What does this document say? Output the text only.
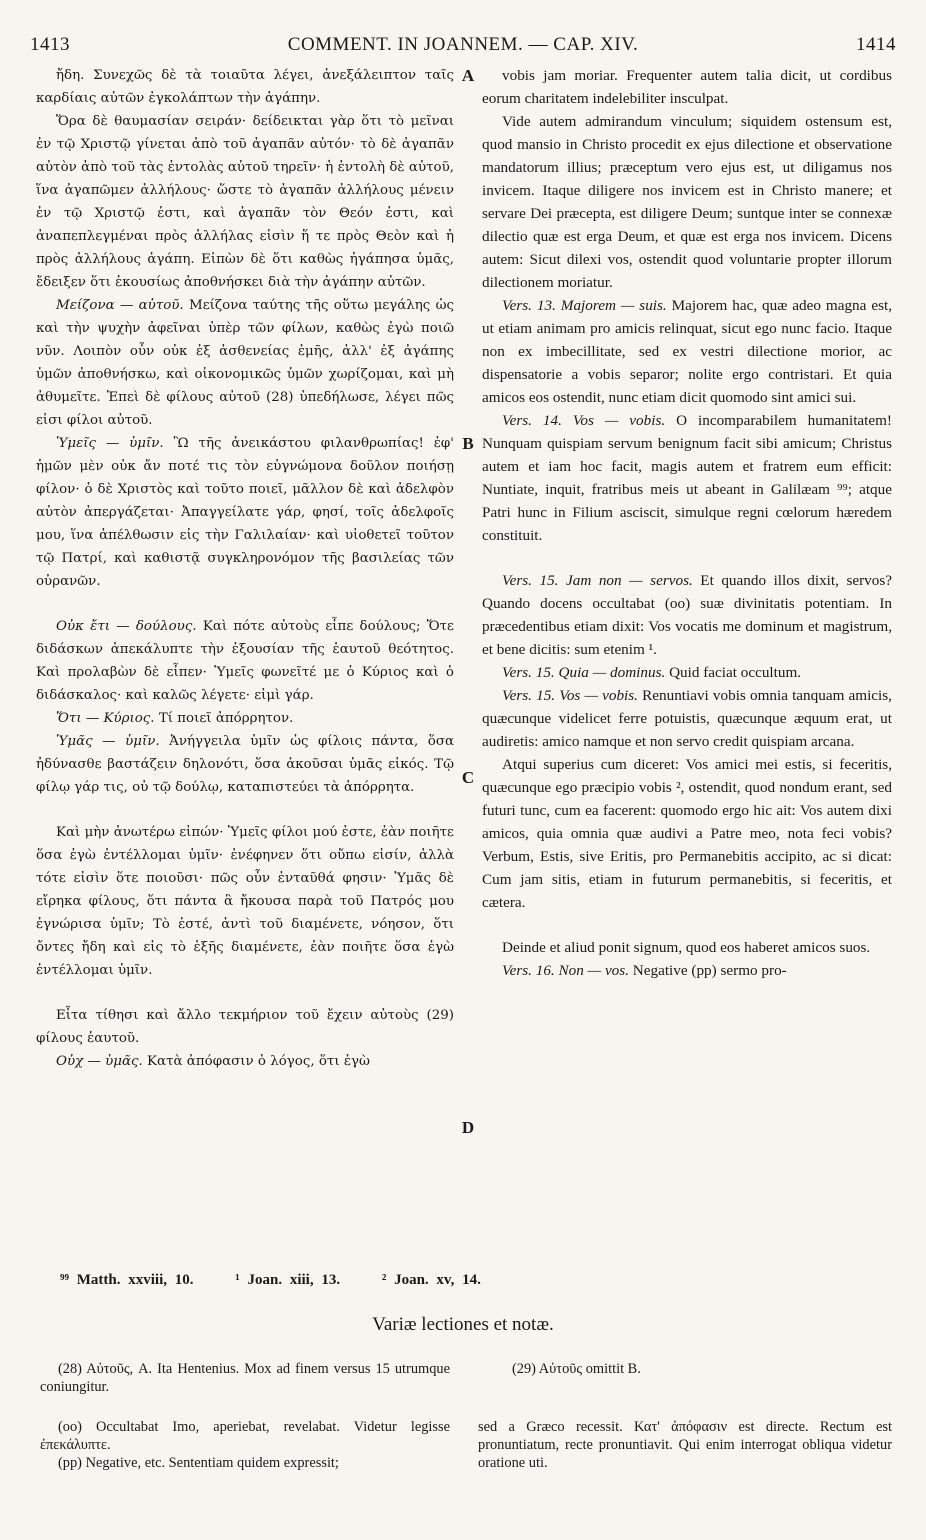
1413	COMMENT. IN JOANNEM. — CAP. XIV.	1414

ἤδη. Συνεχῶς δὲ τὰ τοιαῦτα λέγει, ἀνεξάλειπτον ταῖς καρδίαις αὐτῶν ἐγκολάπτων τὴν ἀγάπην.

Ὅρα δὲ θαυμασίαν σειράν· δείδεικται γὰρ ὅτι τὸ μεῖναι ἐν τῷ Χριστῷ γίνεται ἀπὸ τοῦ ἀγαπᾶν αὐτόν· τὸ δὲ ἀγαπᾶν αὐτὸν ἀπὸ τοῦ τὰς ἐντολὰς αὐτοῦ τηρεῖν· ἡ ἐντολὴ δὲ αὐτοῦ, ἵνα ἀγαπῶμεν ἀλλήλους· ὥστε τὸ ἀγαπᾶν ἀλλήλους μένειν ἐν τῷ Χριστῷ ἐστι, καὶ ἀγαπᾶν τὸν Θεόν ἐστι, καὶ ἀναπεπλεγμέναι πρὸς ἀλλήλας εἰσὶν ἥ τε πρὸς Θεὸν καὶ ἡ πρὸς ἀλλήλους ἀγάπη. Εἰπὼν δὲ ὅτι καθὼς ἠγάπησα ὑμᾶς, ἔδειξεν ὅτι ἑκουσίως ἀποθνήσκει διὰ τὴν ἀγάπην αὐτῶν.

Μείζονα — αὐτοῦ. Μείζονα ταύτης τῆς οὕτω μεγάλης ὡς καὶ τὴν ψυχὴν ἀφεῖναι ὑπὲρ τῶν φίλων, καθὼς ἐγὼ ποιῶ νῦν. Λοιπὸν οὖν οὐκ ἐξ ἀσθενείας ἐμῆς, ἀλλ' ἐξ ἀγάπης ὑμῶν ἀποθνήσκω, καὶ οἰκονομικῶς ὑμῶν χωρίζομαι, καὶ μὴ ἀθυμεῖτε. Ἐπεὶ δὲ φίλους αὐτοῦ (28) ὑπεδήλωσε, λέγει πῶς εἰσι φίλοι αὐτοῦ.

Ὑμεῖς — ὑμῖν. Ὢ τῆς ἀνεικάστου φιλανθρωπίας! ἐφ' ἡμῶν μὲν οὐκ ἄν ποτέ τις τὸν εὐγνώμονα δοῦλον ποιήσῃ φίλον· ὁ δὲ Χριστὸς καὶ τοῦτο ποιεῖ, μᾶλλον δὲ καὶ ἀδελφὸν αὐτὸν ἀπεργάζεται· Ἀπαγγείλατε γάρ, φησί, τοῖς ἀδελφοῖς μου, ἵνα ἀπέλθωσιν εἰς τὴν Γαλιλαίαν· καὶ υἱοθετεῖ τοῦτον τῷ Πατρί, καὶ καθιστᾷ συγκληρονόμον τῆς βασιλείας τῶν οὐρανῶν.

Οὐκ ἔτι — δούλους. Καὶ πότε αὐτοὺς εἶπε δούλους; Ὅτε διδάσκων ἀπεκάλυπτε τὴν ἐξουσίαν τῆς ἑαυτοῦ θεότητος. Καὶ προλαβὼν δὲ εἶπεν· Ὑμεῖς φωνεῖτέ με ὁ Κύριος καὶ ὁ διδάσκαλος· καὶ καλῶς λέγετε· εἰμὶ γάρ.

Ὅτι — Κύριος. Τί ποιεῖ ἀπόρρητον.

Ὑμᾶς — ὑμῖν. Ἀνήγγειλα ὑμῖν ὡς φίλοις πάντα, ὅσα ἠδύνασθε βαστάζειν δηλονότι, ὅσα ἀκοῦσαι ὑμᾶς εἰκός. Τῷ φίλῳ γάρ τις, οὐ τῷ δούλῳ, καταπιστεύει τὰ ἀπόρρητα.

Καὶ μὴν ἀνωτέρω εἰπών· Ὑμεῖς φίλοι μού ἐστε, ἐὰν ποιῆτε ὅσα ἐγὼ ἐντέλλομαι ὑμῖν· ἐνέφηνεν ὅτι οὔπω εἰσίν, ἀλλὰ τότε εἰσὶν ὅτε ποιοῦσι· πῶς οὖν ἐνταῦθά φησιν· Ὑμᾶς δὲ εἴρηκα φίλους, ὅτι πάντα ἃ ἤκουσα παρὰ τοῦ Πατρός μου ἐγνώρισα ὑμῖν; Τὸ ἐστέ, ἀντὶ τοῦ διαμένετε, νόησον, ὅτι ὄντες ἤδη καὶ εἰς τὸ ἑξῆς διαμένετε, ἐὰν ποιῆτε ὅσα ἐγὼ ἐντέλλομαι ὑμῖν.

Εἶτα τίθησι καὶ ἄλλο τεκμήριον τοῦ ἔχειν αὐτοὺς (29) φίλους ἑαυτοῦ.

Οὐχ — ὑμᾶς. Κατὰ ἀπόφασιν ὁ λόγος, ὅτι ἐγὼ

vobis jam moriar. Frequenter autem talia dicit, ut cordibus eorum charitatem indelebiliter insculpat.

Vide autem admirandum vinculum; siquidem ostensum est, quod mansio in Christo procedit ex ejus dilectione et observatione mandatorum illius; præceptum vero ejus est, ut diligamus nos invicem. Itaque diligere nos invicem est in Christo manere; et servare Dei præcepta, est diligere Deum; suntque inter se connexæ dilectio quæ est erga Deum, et quæ est erga nos invicem. Dicens autem: Sicut dilexi vos, ostendit quod voluntarie propter illorum dilectionem moriatur.

Vers. 13. Majorem — suis. Majorem hac, quæ adeo magna est, ut etiam animam pro amicis relinquat, sicut ego nunc facio. Itaque non ex imbecillitate, sed ex vestri dilectione morior, ac dispensatorie a vobis separor; nolite ergo contristari. Et quia amicos eos ostendit, nunc etiam dicit quomodo sint amici sui.

Vers. 14. Vos — vobis. O incomparabilem humanitatem! Nunquam quispiam servum benignum facit sibi amicum; Christus autem et iam hoc facit, magis autem et fratrem eum efficit: Nuntiate, inquit, fratribus meis ut abeant in Galilæam ⁹⁹; atque Patri hunc in Filium asciscit, simulque regni cœlorum hæredem constituit.

Vers. 15. Jam non — servos. Et quando illos dixit, servos? Quando docens occultabat (oo) suæ divinitatis potentiam. In præcedentibus etiam dixit: Vos vocatis me dominum et magistrum, et bene dicitis: sum etenim ¹.

Vers. 15. Quia — dominus. Quid faciat occultum.

Vers. 15. Vos — vobis. Renuntiavi vobis omnia tanquam amicis, quæcunque videlicet ferre potuistis, quæcunque æquum erat, ut audiretis: amico namque et non servo credit quispiam arcana.

Atqui superius cum diceret: Vos amici mei estis, si feceritis, quæcunque ego præcipio vobis ², ostendit, quod nondum erant, sed futuri tunc, cum ea facerent: quomodo ergo hic ait: Vos autem dixi amicos, quia omnia quæ audivi a Patre meo, nota feci vobis? Verbum, Estis, sive Eritis, pro Permanebitis accipito, ac si dicat: Cum jam sitis, etiam in futurum permanebitis, si feceritis, et cætera.

Deinde et aliud ponit signum, quod eos haberet amicos suos.

Vers. 16. Non — vos. Negative (pp) sermo pro-

A
B
C
D
⁹⁹ Matth. xxviii, 10.	¹ Joan. xiii, 13.	² Joan. xv, 14.
Variæ lectiones et notæ.

(28) Αὐτοῦς, A. Ita Hentenius. Mox ad finem versus 15 utrumque coniungitur.

(29) Αὐτοῦς omittit B.

(oo) Occultabat Imo, aperiebat, revelabat. Videtur legisse ἐπεκάλυπτε.

(pp) Negative, etc. Sententiam quidem expressit;

sed a Græco recessit. Κατ' ἀπόφασιν est directe. Rectum est pronuntiatum, recte pronuntiavit. Qui enim interrogat obliqua videtur oratione uti.
